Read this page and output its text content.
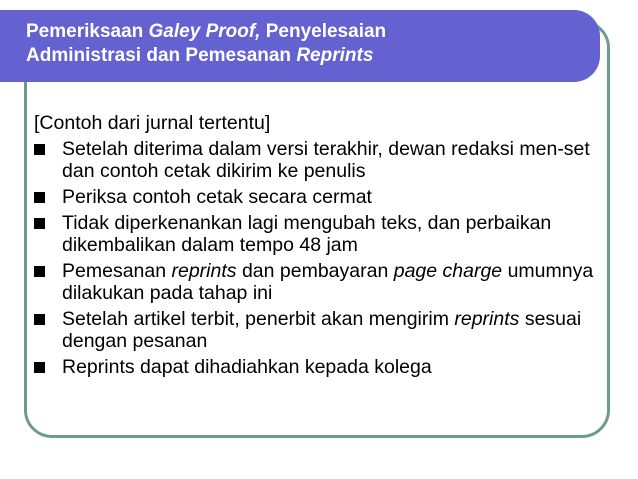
Pemeriksaan Galey Proof, Penyelesaian
Administrasi dan Pemesanan Reprints
[Contoh dari jurnal tertentu]
Setelah diterima dalam versi terakhir, dewan redaksi men-set dan contoh cetak dikirim ke penulis
Periksa contoh cetak secara cermat
Tidak diperkenankan lagi mengubah teks, dan perbaikan dikembalikan dalam tempo 48 jam
Pemesanan reprints dan pembayaran page charge umumnya dilakukan pada tahap ini
Setelah artikel terbit, penerbit akan mengirim reprints sesuai dengan pesanan
Reprints dapat dihadiahkan kepada kolega
